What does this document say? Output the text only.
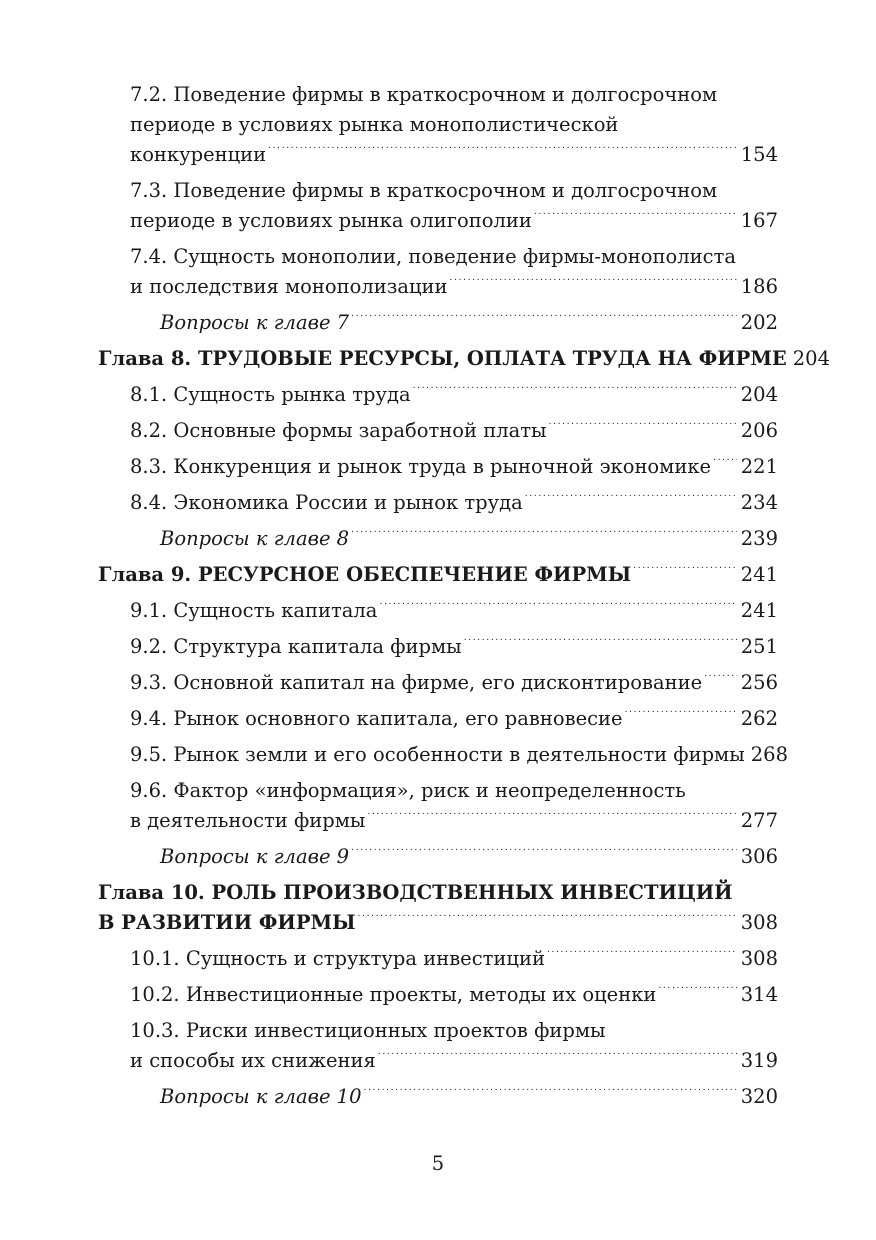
7.2. Поведение фирмы в краткосрочном и долгосрочном
периоде в условиях рынка монополистической
конкуренции . . .	154
7.3. Поведение фирмы в краткосрочном и долгосрочном
периоде в условиях рынка олигополии . . .	167
7.4. Сущность монополии, поведение фирмы-монополиста
и последствия монополизации . . .	186
Вопросы к главе 7 . . .	202
Глава 8. ТРУДОВЫЕ РЕСУРСЫ, ОПЛАТА ТРУДА НА ФИРМЕ 204
8.1. Сущность рынка труда . . .	204
8.2. Основные формы заработной платы . . .	206
8.3. Конкуренция и рынок труда в рыночной экономике . . . 221
8.4. Экономика России и рынок труда . . .	234
Вопросы к главе 8 . . .	239
Глава 9. РЕСУРСНОЕ ОБЕСПЕЧЕНИЕ ФИРМЫ . . .	241
9.1. Сущность капитала . . .	241
9.2. Структура капитала фирмы . . .	251
9.3. Основной капитал на фирме, его дисконтирование . . . 256
9.4. Рынок основного капитала, его равновесие . . .	262
9.5. Рынок земли и его особенности в деятельности фирмы 268
9.6. Фактор «информация», риск и неопределенность
в деятельности фирмы . . .	277
Вопросы к главе 9 . . .	306
Глава 10. РОЛЬ ПРОИЗВОДСТВЕННЫХ ИНВЕСТИЦИЙ
В РАЗВИТИИ ФИРМЫ . . .	308
10.1. Сущность и структура инвестиций . . .	308
10.2. Инвестиционные проекты, методы их оценки . . .	314
10.3. Риски инвестиционных проектов фирмы
и способы их снижения . . .	319
Вопросы к главе 10 . . .	320
5
